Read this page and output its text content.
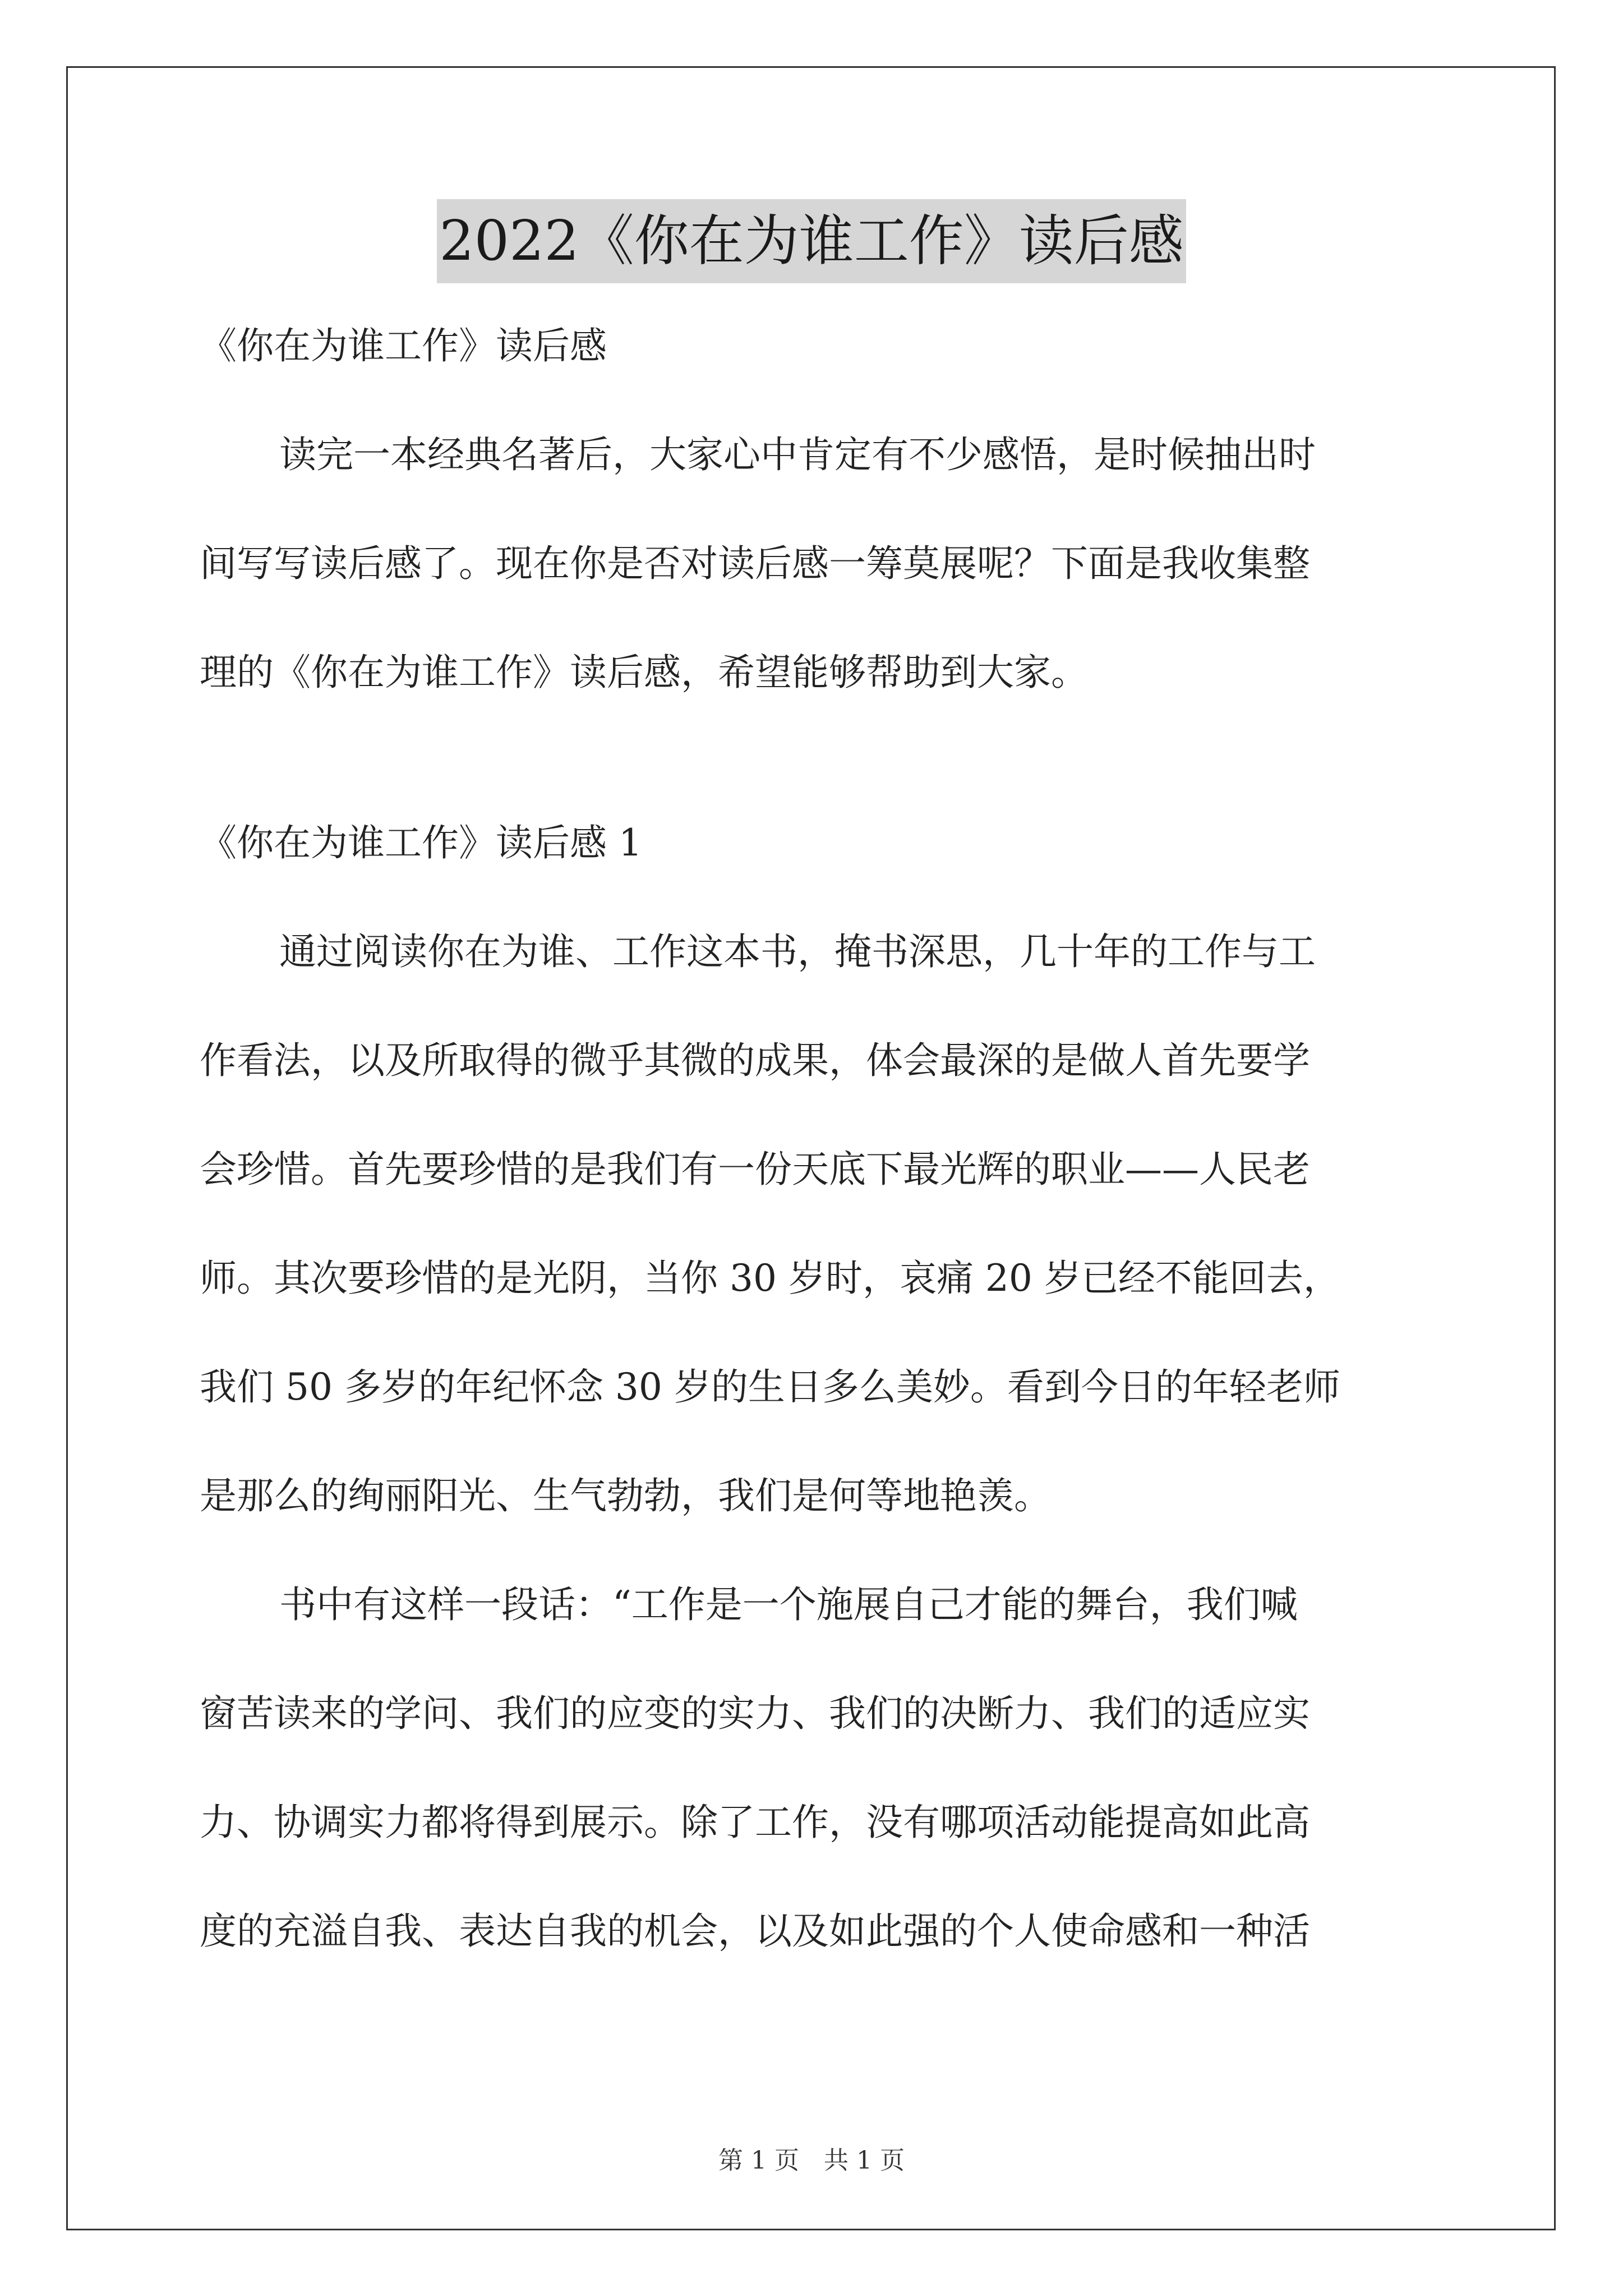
2022《你在为谁工作》读后感

《你在为谁工作》读后感

读完一本经典名著后，大家心中肯定有不少感悟，是时候抽出时

间写写读后感了。现在你是否对读后感一筹莫展呢？下面是我收集整

理的《你在为谁工作》读后感，希望能够帮助到大家。

《你在为谁工作》读后感 1

通过阅读你在为谁、工作这本书，掩书深思，几十年的工作与工

作看法，以及所取得的微乎其微的成果，体会最深的是做人首先要学

会珍惜。首先要珍惜的是我们有一份天底下最光辉的职业——人民老

师。其次要珍惜的是光阴，当你 30 岁时，哀痛 20 岁已经不能回去，

我们 50 多岁的年纪怀念 30 岁的生日多么美妙。看到今日的年轻老师

是那么的绚丽阳光、生气勃勃，我们是何等地艳羡。

书中有这样一段话：“工作是一个施展自己才能的舞台，我们喊

窗苦读来的学问、我们的应变的实力、我们的决断力、我们的适应实

力、协调实力都将得到展示。除了工作，没有哪项活动能提高如此高

度的充溢自我、表达自我的机会，以及如此强的个人使命感和一种活

第 1 页　共 1 页
